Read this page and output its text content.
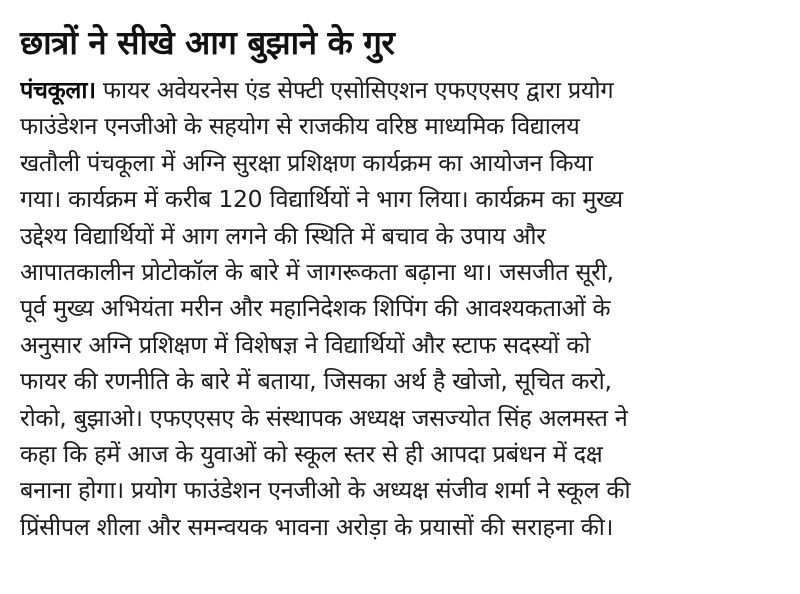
छात्रों ने सीखे आग बुझाने के गुर
पंचकूला। फायर अवेयरनेस एंड सेफ्टी एसोसिएशन एफएएसए द्वारा प्रयोग
फाउंडेशन एनजीओ के सहयोग से राजकीय वरिष्ठ माध्यमिक विद्यालय
खतौली पंचकूला में अग्नि सुरक्षा प्रशिक्षण कार्यक्रम का आयोजन किया
गया। कार्यक्रम में करीब 120 विद्यार्थियों ने भाग लिया। कार्यक्रम का मुख्य
उद्देश्य विद्यार्थियों में आग लगने की स्थिति में बचाव के उपाय और
आपातकालीन प्रोटोकॉल के बारे में जागरूकता बढ़ाना था। जसजीत सूरी,
पूर्व मुख्य अभियंता मरीन और महानिदेशक शिपिंग की आवश्यकताओं के
अनुसार अग्नि प्रशिक्षण में विशेषज्ञ ने विद्यार्थियों और स्टाफ सदस्यों को
फायर की रणनीति के बारे में बताया, जिसका अर्थ है खोजो, सूचित करो,
रोको, बुझाओ। एफएएसए के संस्थापक अध्यक्ष जसज्योत सिंह अलमस्त ने
कहा कि हमें आज के युवाओं को स्कूल स्तर से ही आपदा प्रबंधन में दक्ष
बनाना होगा। प्रयोग फाउंडेशन एनजीओ के अध्यक्ष संजीव शर्मा ने स्कूल की
प्रिंसीपल शीला और समन्वयक भावना अरोड़ा के प्रयासों की सराहना की।
